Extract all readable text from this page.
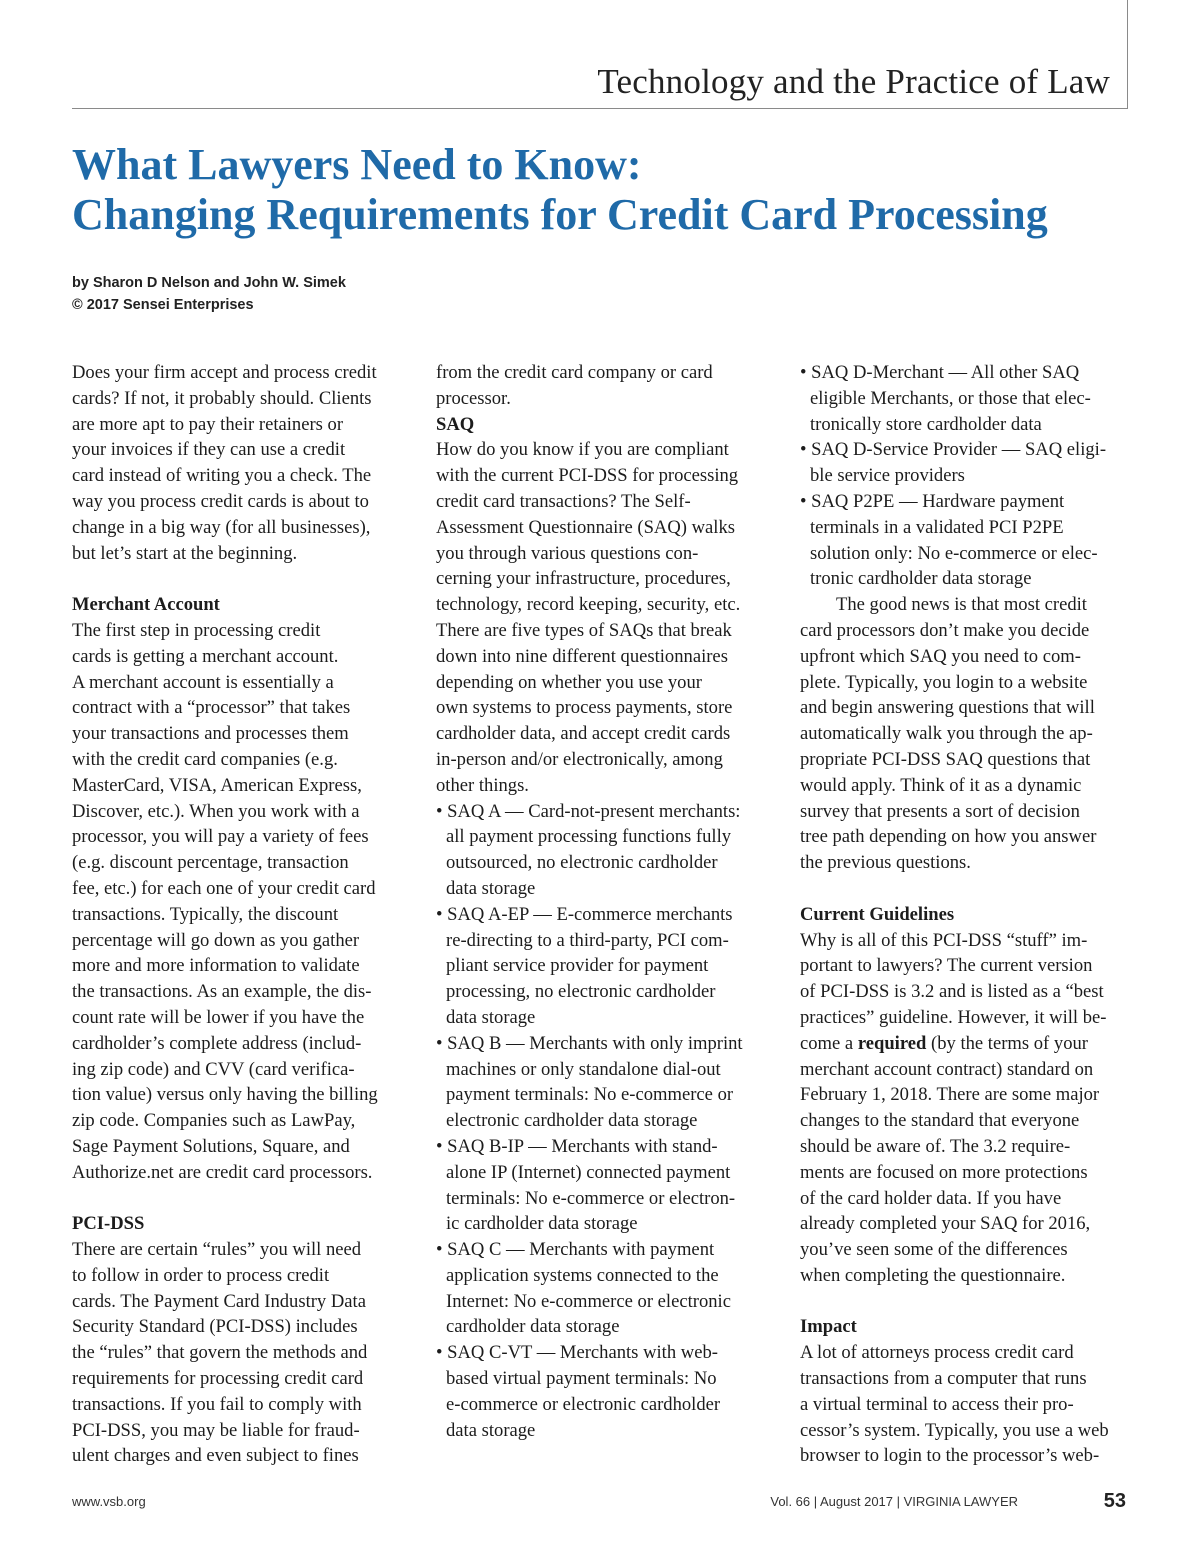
Technology and the Practice of Law
What Lawyers Need to Know:
Changing Requirements for Credit Card Processing
by Sharon D Nelson and John W. Simek
© 2017 Sensei Enterprises
Does your firm accept and process credit
cards? If not, it probably should. Clients
are more apt to pay their retainers or
your invoices if they can use a credit
card instead of writing you a check. The
way you process credit cards is about to
change in a big way (for all businesses),
but let’s start at the beginning.
Merchant Account
The first step in processing credit
cards is getting a merchant account.
A merchant account is essentially a
contract with a “processor” that takes
your transactions and processes them
with the credit card companies (e.g.
MasterCard, VISA, American Express,
Discover, etc.). When you work with a
processor, you will pay a variety of fees
(e.g. discount percentage, transaction
fee, etc.) for each one of your credit card
transactions. Typically, the discount
percentage will go down as you gather
more and more information to validate
the transactions. As an example, the dis-
count rate will be lower if you have the
cardholder’s complete address (includ-
ing zip code) and CVV (card verifica-
tion value) versus only having the billing
zip code. Companies such as LawPay,
Sage Payment Solutions, Square, and
Authorize.net are credit card processors.
PCI-DSS
There are certain “rules” you will need
to follow in order to process credit
cards. The Payment Card Industry Data
Security Standard (PCI-DSS) includes
the “rules” that govern the methods and
requirements for processing credit card
transactions. If you fail to comply with
PCI-DSS, you may be liable for fraud-
ulent charges and even subject to fines
from the credit card company or card
processor.
SAQ
How do you know if you are compliant
with the current PCI-DSS for processing
credit card transactions? The Self-
Assessment Questionnaire (SAQ) walks
you through various questions con-
cerning your infrastructure, procedures,
technology, record keeping, security, etc.
There are five types of SAQs that break
down into nine different questionnaires
depending on whether you use your
own systems to process payments, store
cardholder data, and accept credit cards
in-person and/or electronically, among
other things.
• SAQ A — Card-not-present merchants:
all payment processing functions fully
outsourced, no electronic cardholder
data storage
• SAQ A-EP — E-commerce merchants
re-directing to a third-party, PCI com-
pliant service provider for payment
processing, no electronic cardholder
data storage
• SAQ B — Merchants with only imprint
machines or only standalone dial-out
payment terminals: No e-commerce or
electronic cardholder data storage
• SAQ B-IP — Merchants with stand-
alone IP (Internet) connected payment
terminals: No e-commerce or electron-
ic cardholder data storage
• SAQ C — Merchants with payment
application systems connected to the
Internet: No e-commerce or electronic
cardholder data storage
• SAQ C-VT — Merchants with web-
based virtual payment terminals: No
e-commerce or electronic cardholder
data storage
• SAQ D-Merchant — All other SAQ
eligible Merchants, or those that elec-
tronically store cardholder data
• SAQ D-Service Provider — SAQ eligi-
ble service providers
• SAQ P2PE — Hardware payment
terminals in a validated PCI P2PE
solution only: No e-commerce or elec-
tronic cardholder data storage
The good news is that most credit
card processors don’t make you decide
upfront which SAQ you need to com-
plete. Typically, you login to a website
and begin answering questions that will
automatically walk you through the ap-
propriate PCI-DSS SAQ questions that
would apply. Think of it as a dynamic
survey that presents a sort of decision
tree path depending on how you answer
the previous questions.
Current Guidelines
Why is all of this PCI-DSS “stuff” im-
portant to lawyers? The current version
of PCI-DSS is 3.2 and is listed as a “best
practices” guideline. However, it will be-
come a required (by the terms of your
merchant account contract) standard on
February 1, 2018. There are some major
changes to the standard that everyone
should be aware of. The 3.2 require-
ments are focused on more protections
of the card holder data. If you have
already completed your SAQ for 2016,
you’ve seen some of the differences
when completing the questionnaire.
Impact
A lot of attorneys process credit card
transactions from a computer that runs
a virtual terminal to access their pro-
cessor’s system. Typically, you use a web
browser to login to the processor’s web-
www.vsb.org	Vol. 66 | August 2017 | VIRGINIA LAWYER	53
